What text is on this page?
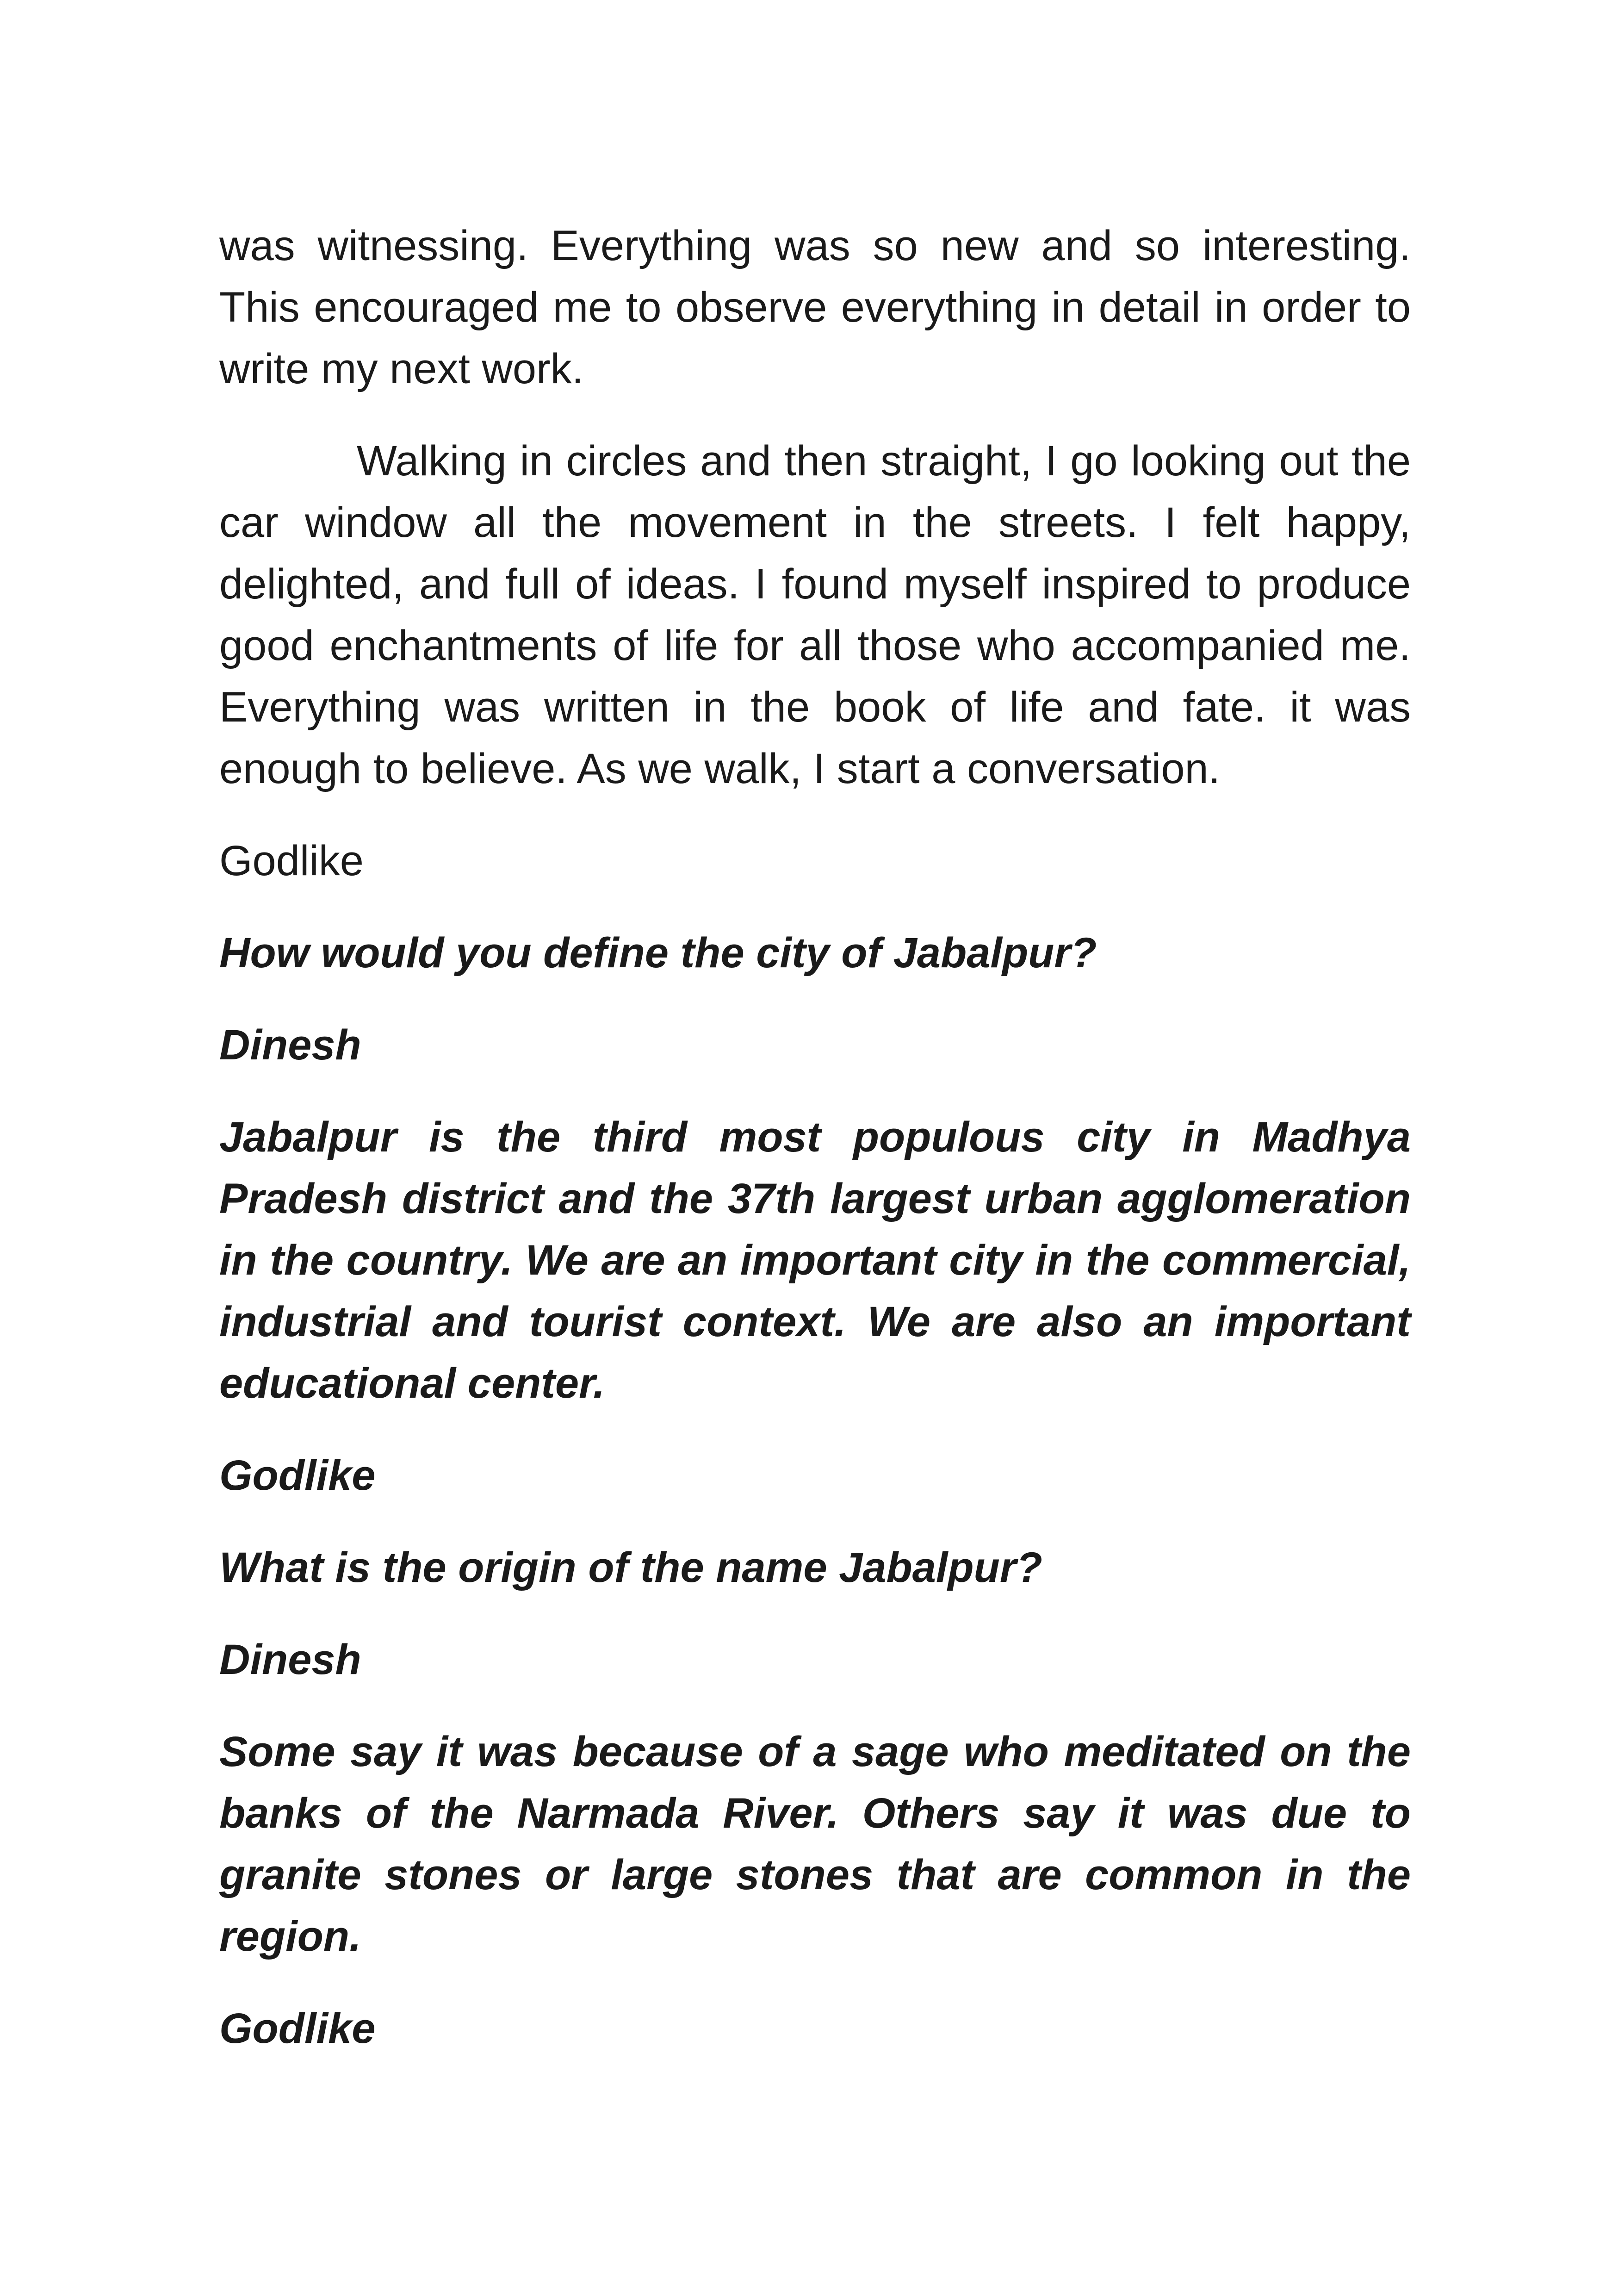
was witnessing. Everything was so new and so interesting. This encouraged me to observe everything in detail in order to write my next work.

Walking in circles and then straight, I go looking out the car window all the movement in the streets. I felt happy, delighted, and full of ideas. I found myself inspired to produce good enchantments of life for all those who accompanied me. Everything was written in the book of life and fate. it was enough to believe. As we walk, I start a conversation.

Godlike

How would you define the city of Jabalpur?

Dinesh

Jabalpur is the third most populous city in Madhya Pradesh district and the 37th largest urban agglomeration in the country. We are an important city in the commercial, industrial and tourist context. We are also an important educational center.

Godlike

What is the origin of the name Jabalpur?

Dinesh

Some say it was because of a sage who meditated on the banks of the Narmada River. Others say it was due to granite stones or large stones that are common in the region.

Godlike
